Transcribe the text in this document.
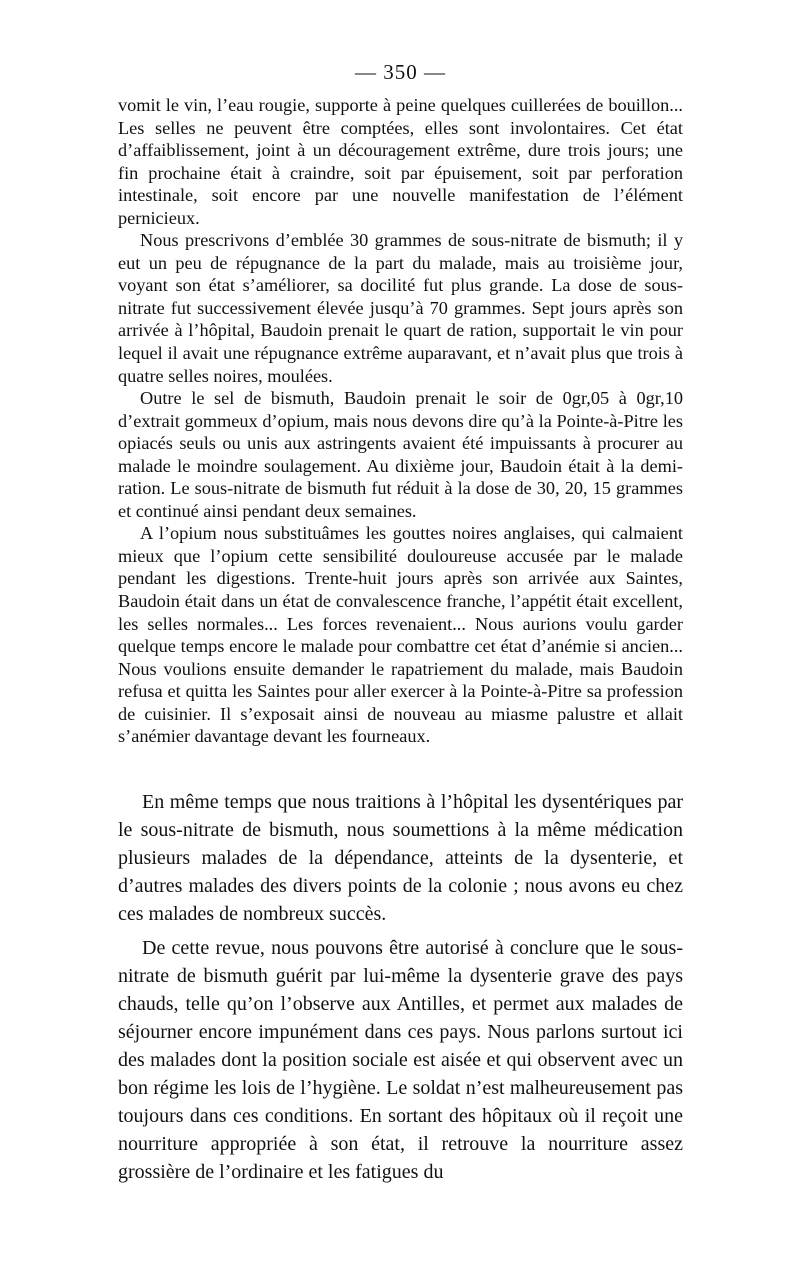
— 350 —

vomit le vin, l’eau rougie, supporte à peine quelques cuillerées de bouillon... Les selles ne peuvent être comptées, elles sont involontaires. Cet état d’affaiblissement, joint à un découragement extrême, dure trois jours; une fin prochaine était à craindre, soit par épuisement, soit par perforation intestinale, soit encore par une nouvelle manifestation de l’élément pernicieux.

Nous prescrivons d’emblée 30 grammes de sous-nitrate de bismuth; il y eut un peu de répugnance de la part du malade, mais au troisième jour, voyant son état s’améliorer, sa docilité fut plus grande. La dose de sous-nitrate fut successivement élevée jusqu’à 70 grammes. Sept jours après son arrivée à l’hôpital, Baudoin prenait le quart de ration, supportait le vin pour lequel il avait une répugnance extrême auparavant, et n’avait plus que trois à quatre selles noires, moulées.

Outre le sel de bismuth, Baudoin prenait le soir de 0gr,05 à 0gr,10 d’extrait gommeux d’opium, mais nous devons dire qu’à la Pointe-à-Pitre les opiacés seuls ou unis aux astringents avaient été impuissants à procurer au malade le moindre soulagement. Au dixième jour, Baudoin était à la demi-ration. Le sous-nitrate de bismuth fut réduit à la dose de 30, 20, 15 grammes et continué ainsi pendant deux semaines.

A l’opium nous substituâmes les gouttes noires anglaises, qui calmaient mieux que l’opium cette sensibilité douloureuse accusée par le malade pendant les digestions. Trente-huit jours après son arrivée aux Saintes, Baudoin était dans un état de convalescence franche, l’appétit était excellent, les selles normales... Les forces revenaient... Nous aurions voulu garder quelque temps encore le malade pour combattre cet état d’anémie si ancien... Nous voulions ensuite demander le rapatriement du malade, mais Baudoin refusa et quitta les Saintes pour aller exercer à la Pointe-à-Pitre sa profession de cuisinier. Il s’exposait ainsi de nouveau au miasme palustre et allait s’anémier davantage devant les fourneaux.

En même temps que nous traitions à l’hôpital les dysentériques par le sous-nitrate de bismuth, nous soumettions à la même médication plusieurs malades de la dépendance, atteints de la dysenterie, et d’autres malades des divers points de la colonie ; nous avons eu chez ces malades de nombreux succès.

De cette revue, nous pouvons être autorisé à conclure que le sous-nitrate de bismuth guérit par lui-même la dysenterie grave des pays chauds, telle qu’on l’observe aux Antilles, et permet aux malades de séjourner encore impunément dans ces pays. Nous parlons surtout ici des malades dont la position sociale est aisée et qui observent avec un bon régime les lois de l’hygiène. Le soldat n’est malheureusement pas toujours dans ces conditions. En sortant des hôpitaux où il reçoit une nourriture appropriée à son état, il retrouve la nourriture assez grossière de l’ordinaire et les fatigues du
